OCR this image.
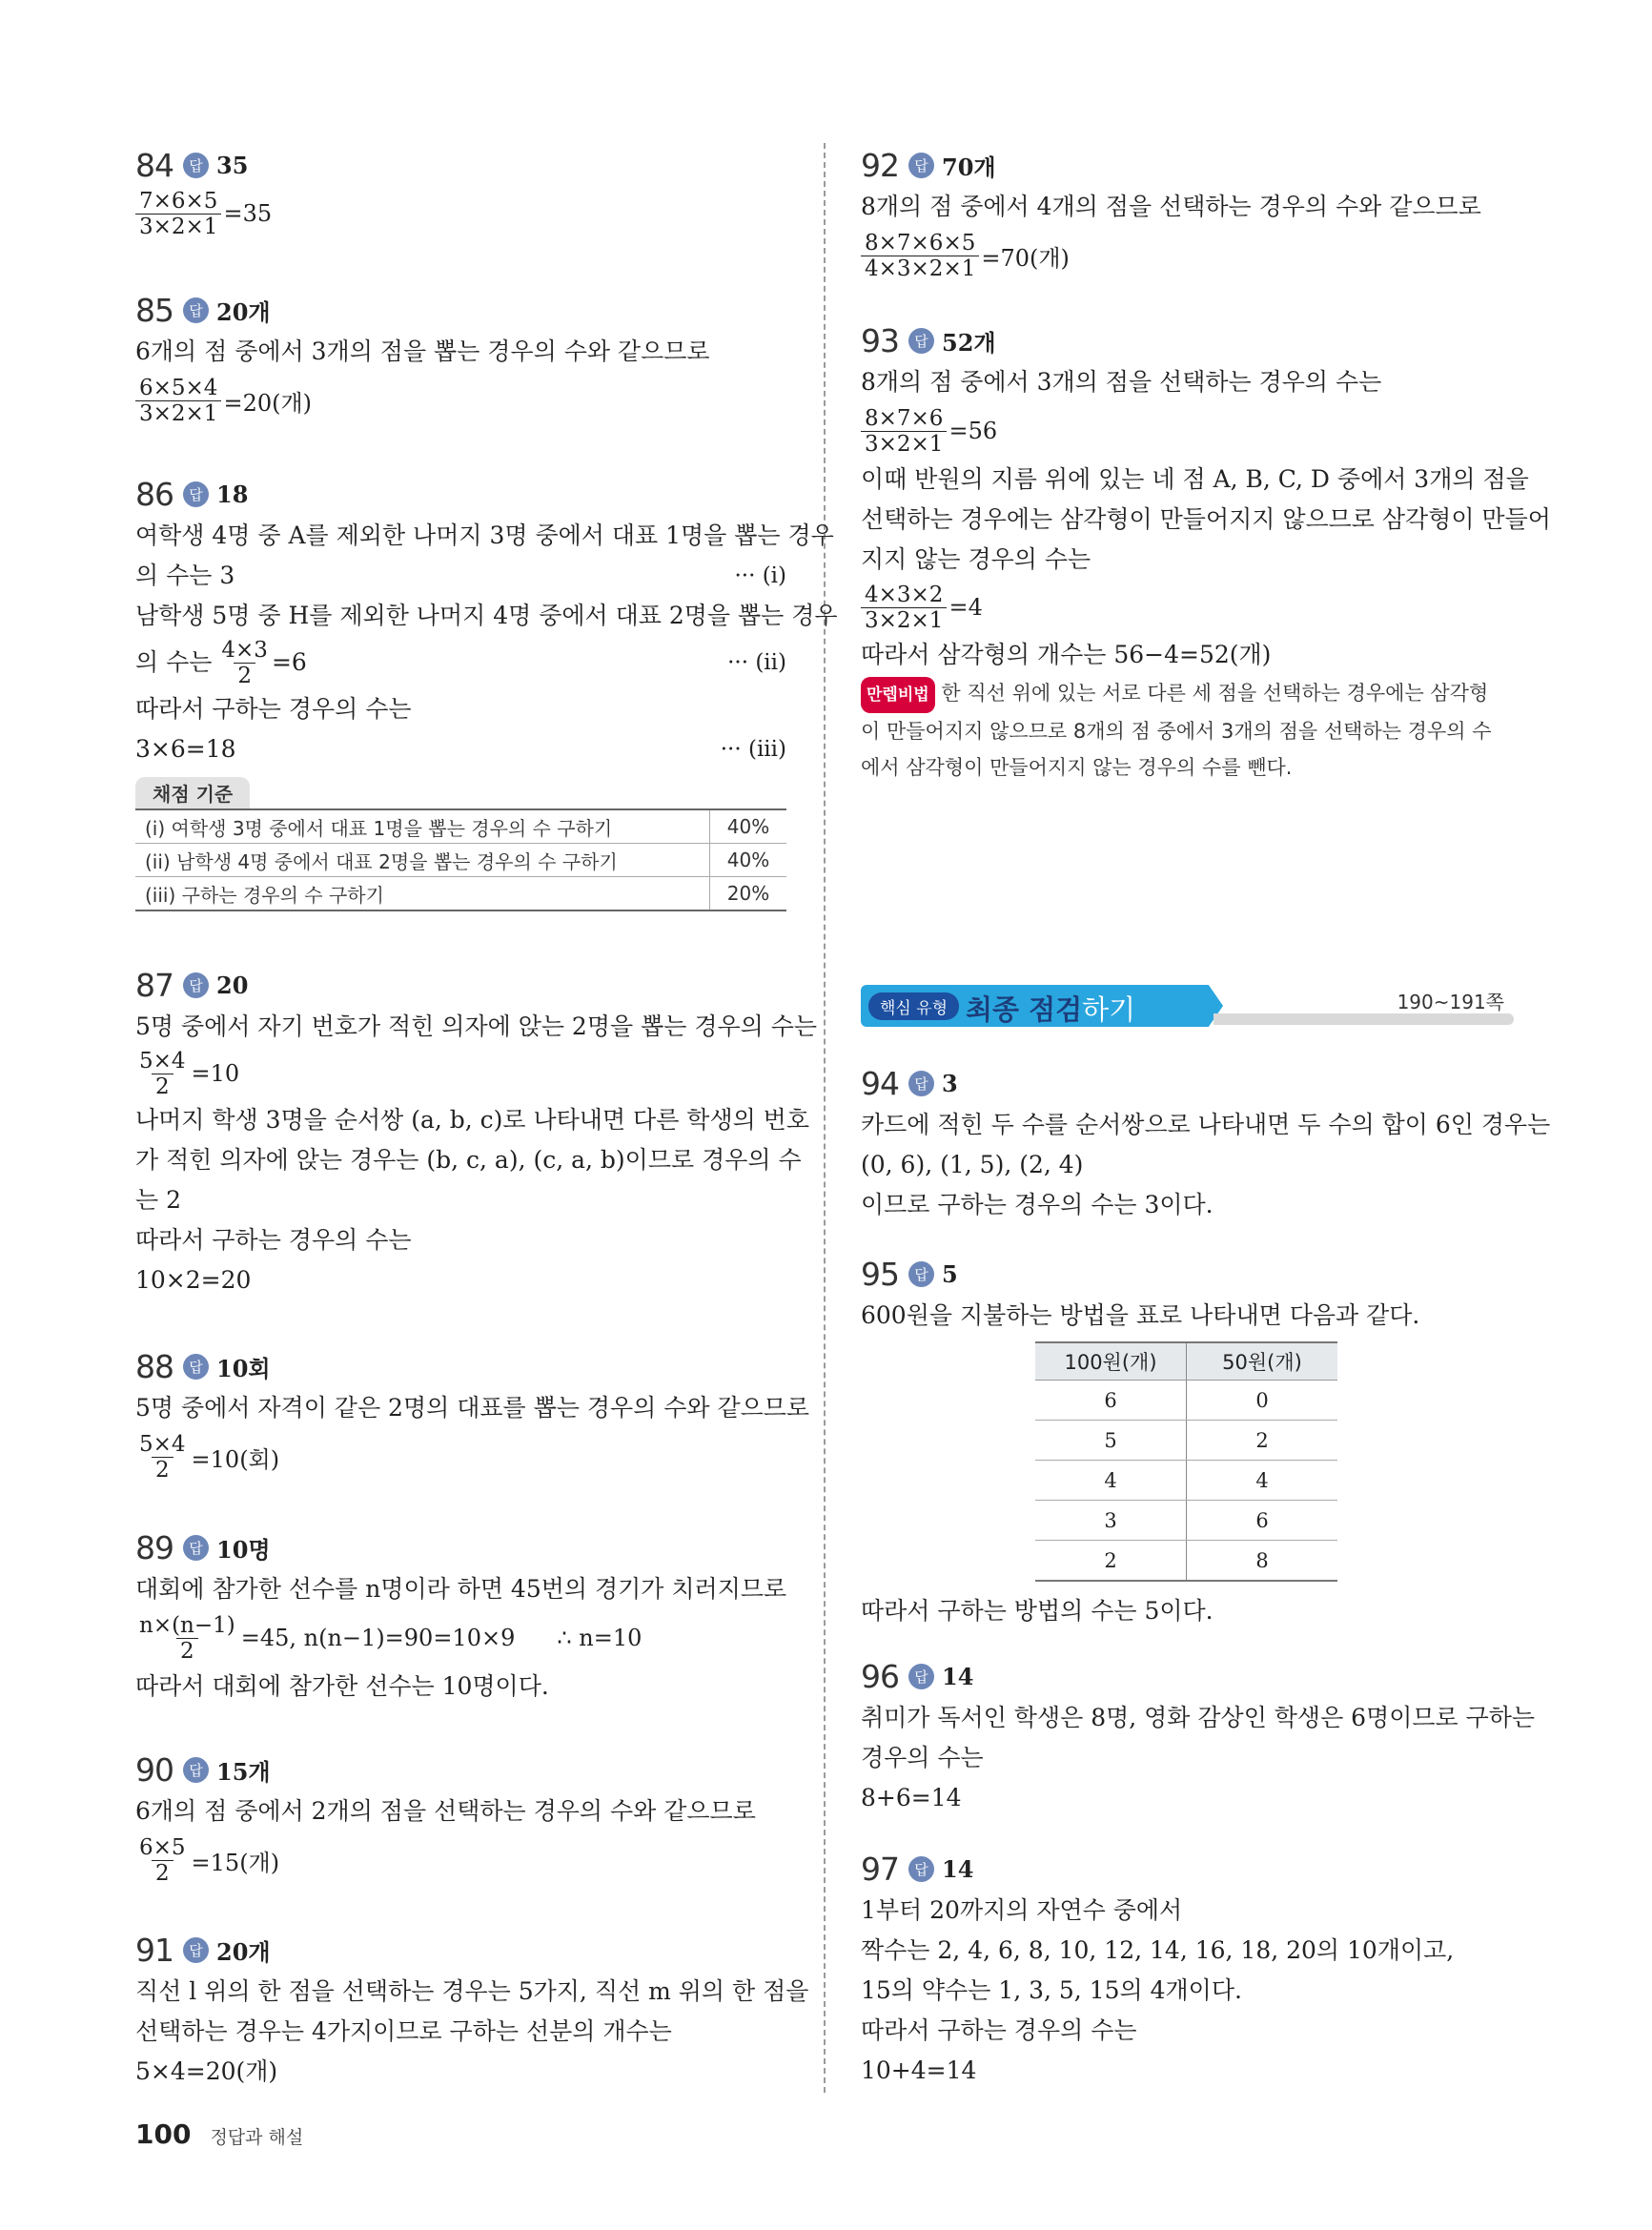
84	답 35
$\frac{7\times 6\times 5}{3\times 2\times 1} =35$
85	답 20개
6개의 점 중에서 3개의 점을 뽑는 경우의 수와 같으므로
$\frac{6\times 5\times 4}{3\times 2\times 1} =20$(개)
86	답 18
여학생 4명 중 A를 제외한 나머지 3명 중에서 대표 1명을 뽑는 경우
의 수는 3	··· (i)
남학생 5명 중 H를 제외한 나머지 4명 중에서 대표 2명을 뽑는 경우
의 수는 $\frac{4\times 3}{2} =6$	··· (ii)
따라서 구하는 경우의 수는
3×6=18	··· (iii)
채점 기준
(i) 여학생 3명 중에서 대표 1명을 뽑는 경우의 수 구하기	40%
(ii) 남학생 4명 중에서 대표 2명을 뽑는 경우의 수 구하기	40%
(iii) 구하는 경우의 수 구하기	20%
87	답 20
5명 중에서 자기 번호가 적힌 의자에 앉는 2명을 뽑는 경우의 수는
$\frac{5\times 4}{2} =10$
나머지 학생 3명을 순서쌍 (a, b, c)로 나타내면 다른 학생의 번호
가 적힌 의자에 앉는 경우는 (b, c, a), (c, a, b)이므로 경우의 수
는 2
따라서 구하는 경우의 수는
10×2=20
88	답 10회
5명 중에서 자격이 같은 2명의 대표를 뽑는 경우의 수와 같으므로
$\frac{5\times 4}{2} =10$(회)
89	답 10명
대회에 참가한 선수를 n명이라 하면 45번의 경기가 치러지므로
$\frac{n\times(n-1)}{2} =45$, n(n−1)=90=10×9 ∴ n=10
따라서 대회에 참가한 선수는 10명이다.
90	답 15개
6개의 점 중에서 2개의 점을 선택하는 경우의 수와 같으므로
$\frac{6\times 5}{2} =15$(개)
91	답 20개
직선 l 위의 한 점을 선택하는 경우는 5가지, 직선 m 위의 한 점을
선택하는 경우는 4가지이므로 구하는 선분의 개수는
5×4=20(개)
92	답 70개
8개의 점 중에서 4개의 점을 선택하는 경우의 수와 같으므로
$\frac{8\times 7\times 6\times 5}{4\times 3\times 2\times 1} =70$(개)
93	답 52개
8개의 점 중에서 3개의 점을 선택하는 경우의 수는
$\frac{8\times 7\times 6}{3\times 2\times 1} =56$
이때 반원의 지름 위에 있는 네 점 A, B, C, D 중에서 3개의 점을
선택하는 경우에는 삼각형이 만들어지지 않으므로 삼각형이 만들어
지지 않는 경우의 수는
$\frac{4\times 3\times 2}{3\times 2\times 1} =4$
따라서 삼각형의 개수는 56−4=52(개)
만렙비법 한 직선 위에 있는 서로 다른 세 점을 선택하는 경우에는 삼각형
이 만들어지지 않으므로 8개의 점 중에서 3개의 점을 선택하는 경우의 수
에서 삼각형이 만들어지지 않는 경우의 수를 뺀다.
핵심 유형 최종 점검하기	190~191쪽
94	답 3
카드에 적힌 두 수를 순서쌍으로 나타내면 두 수의 합이 6인 경우는
(0, 6), (1, 5), (2, 4)
이므로 구하는 경우의 수는 3이다.
95	답 5
600원을 지불하는 방법을 표로 나타내면 다음과 같다.
100원(개)	50원(개)
6	0
5	2
4	4
3	6
2	8
따라서 구하는 방법의 수는 5이다.
96	답 14
취미가 독서인 학생은 8명, 영화 감상인 학생은 6명이므로 구하는
경우의 수는
8+6=14
97	답 14
1부터 20까지의 자연수 중에서
짝수는 2, 4, 6, 8, 10, 12, 14, 16, 18, 20의 10개이고,
15의 약수는 1, 3, 5, 15의 4개이다.
따라서 구하는 경우의 수는
10+4=14
100 정답과 해설
